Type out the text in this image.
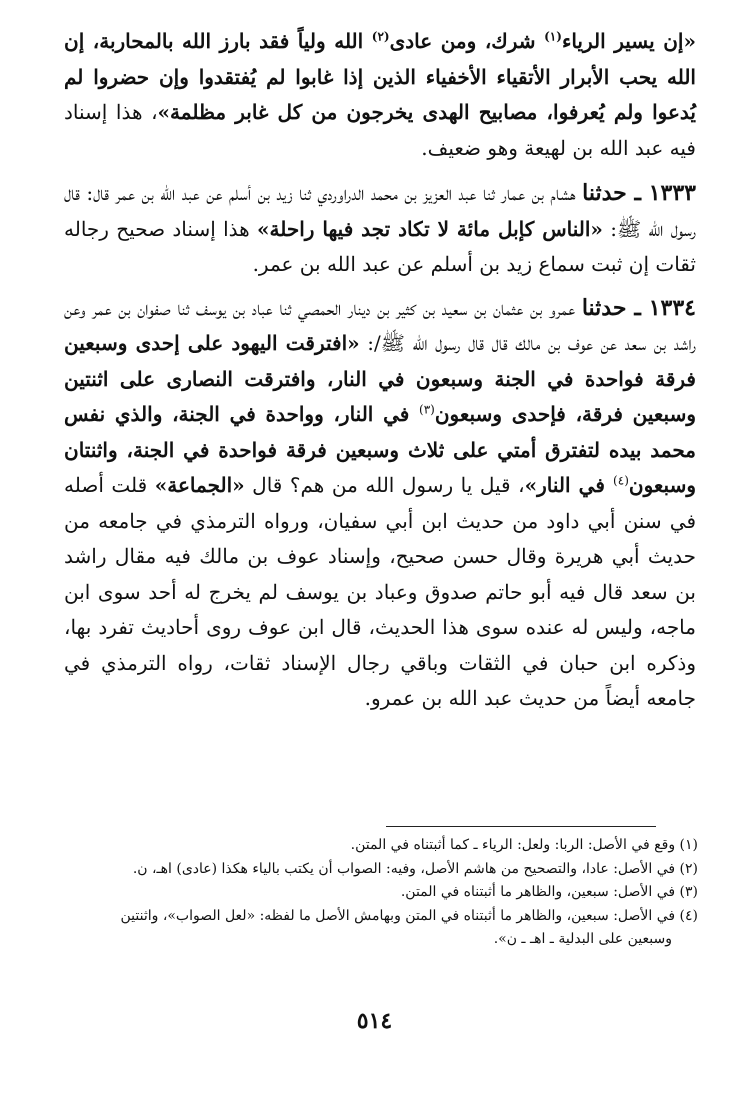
«إن يسير الرياء$^{(١)}$ شرك، ومن عادى$^{(٢)}$ الله ولياً فقد بارز الله بالمحاربة، إن الله يحب الأبرار الأتقياء الأخفياء الذين إذا غابوا لم يُفتقدوا وإن حضروا لم يُدعوا ولم يُعرفوا، مصابيح الهدى يخرجون من كل غابر مظلمة»، هذا إسناد فيه عبد الله بن لهيعة وهو ضعيف.

١٣٣٣ ـ حدثنا هشام بن عمار ثنا عبد العزيز بن محمد الدراوردي ثنا زيد بن أسلم عن عبد الله بن عمر قال: قال رسول الله ﷺ: «الناس كإبل مائة لا تكاد تجد فيها راحلة» هذا إسناد صحيح رجاله ثقات إن ثبت سماع زيد بن أسلم عن عبد الله بن عمر.

١٣٣٤ ـ حدثنا عمرو بن عثمان بن سعيد بن كثير بن دينار الحمصي ثنا عباد بن يوسف ثنا صفوان بن عمر وعن راشد بن سعد عن عوف بن مالك قال قال رسول الله ﷺ/: «افترقت اليهود على إحدى وسبعين فرقة فواحدة في الجنة وسبعون في النار، وافترقت النصارى على اثنتين وسبعين فرقة، فإحدى وسبعون$^{(٣)}$ في النار، وواحدة في الجنة، والذي نفس محمد بيده لتفترق أمتي على ثلاث وسبعين فرقة فواحدة في الجنة، واثنتان وسبعون$^{(٤)}$ في النار»، قيل يا رسول الله من هم؟ قال «الجماعة» قلت أصله في سنن أبي داود من حديث ابن أبي سفيان، ورواه الترمذي في جامعه من حديث أبي هريرة وقال حسن صحيح، وإسناد عوف بن مالك فيه مقال راشد بن سعد قال فيه أبو حاتم صدوق وعباد بن يوسف لم يخرج له أحد سوى ابن ماجه، وليس له عنده سوى هذا الحديث، قال ابن عوف روى أحاديث تفرد بها، وذكره ابن حبان في الثقات وباقي رجال الإسناد ثقات، رواه الترمذي في جامعه أيضاً من حديث عبد الله بن عمرو.

(١) وقع في الأصل: الربا: ولعل: الرياء ـ كما أثبتناه في المتن.

(٢) في الأصل: عادا، والتصحيح من هاشم الأصل، وفيه: الصواب أن يكتب بالياء هكذا (عادى) اهـ، ن.

(٣) في الأصل: سبعين، والظاهر ما أثبتناه في المتن.

(٤) في الأصل: سبعين، والظاهر ما أثبتناه في المتن وبهامش الأصل ما لفظه: «لعل الصواب»، واثنتين

وسبعين على البدلية ـ اهـ ـ ن».

٥١٤
